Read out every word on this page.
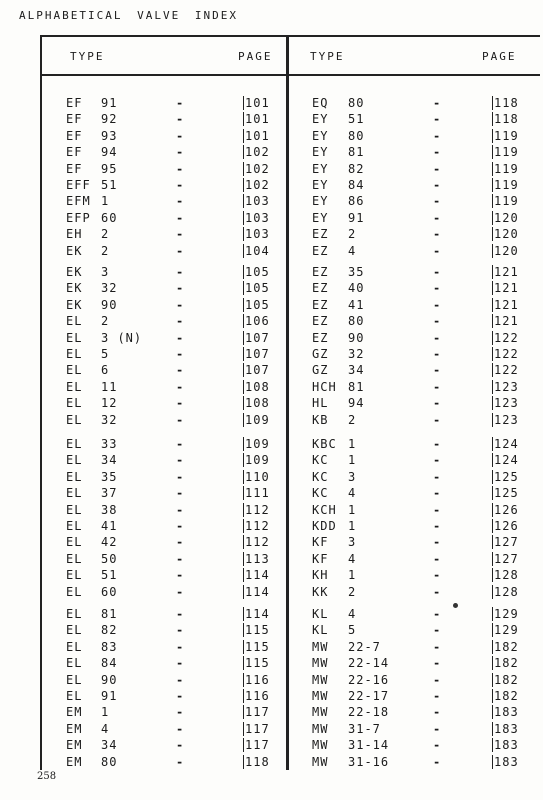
ALPHABETICAL VALVE INDEX
TYPE	PAGE	TYPE	PAGE
EF 91	-	101
EF 92	-	101
EF 93	-	101
EF 94	-	102
EF 95	-	102
EFF 51	-	102
EFM 1	-	103
EFP 60	-	103
EH 2	-	103
EK 2	-	104
EK 3	-	105
EK 32	-	105
EK 90	-	105
EL 2	-	106
EL 3 (N)	-	107
EL 5	-	107
EL 6	-	107
EL 11	-	108
EL 12	-	108
EL 32	-	109
EL 33	-	109
EL 34	-	109
EL 35	-	110
EL 37	-	111
EL 38	-	112
EL 41	-	112
EL 42	-	112
EL 50	-	113
EL 51	-	114
EL 60	-	114
EL 81	-	114
EL 82	-	115
EL 83	-	115
EL 84	-	115
EL 90	-	116
EL 91	-	116
EM 1	-	117
EM 4	-	117
EM 34	-	117
EM 80	-	118
EQ 80	-	118
EY 51	-	118
EY 80	-	119
EY 81	-	119
EY 82	-	119
EY 84	-	119
EY 86	-	119
EY 91	-	120
EZ 2	-	120
EZ 4	-	120
EZ 35	-	121
EZ 40	-	121
EZ 41	-	121
EZ 80	-	121
EZ 90	-	122
GZ 32	-	122
GZ 34	-	122
HCH 81	-	123
HL 94	-	123
KB 2	-	123
KBC 1	-	124
KC 1	-	124
KC 3	-	125
KC 4	-	125
KCH 1	-	126
KDD 1	-	126
KF 3	-	127
KF 4	-	127
KH 1	-	128
KK 2	-	128
KL 4	-	129
KL 5	-	129
MW 22-7	-	182
MW 22-14	-	182
MW 22-16	-	182
MW 22-17	-	182
MW 22-18	-	183
MW 31-7	-	183
MW 31-14	-	183
MW 31-16	-	183
258
